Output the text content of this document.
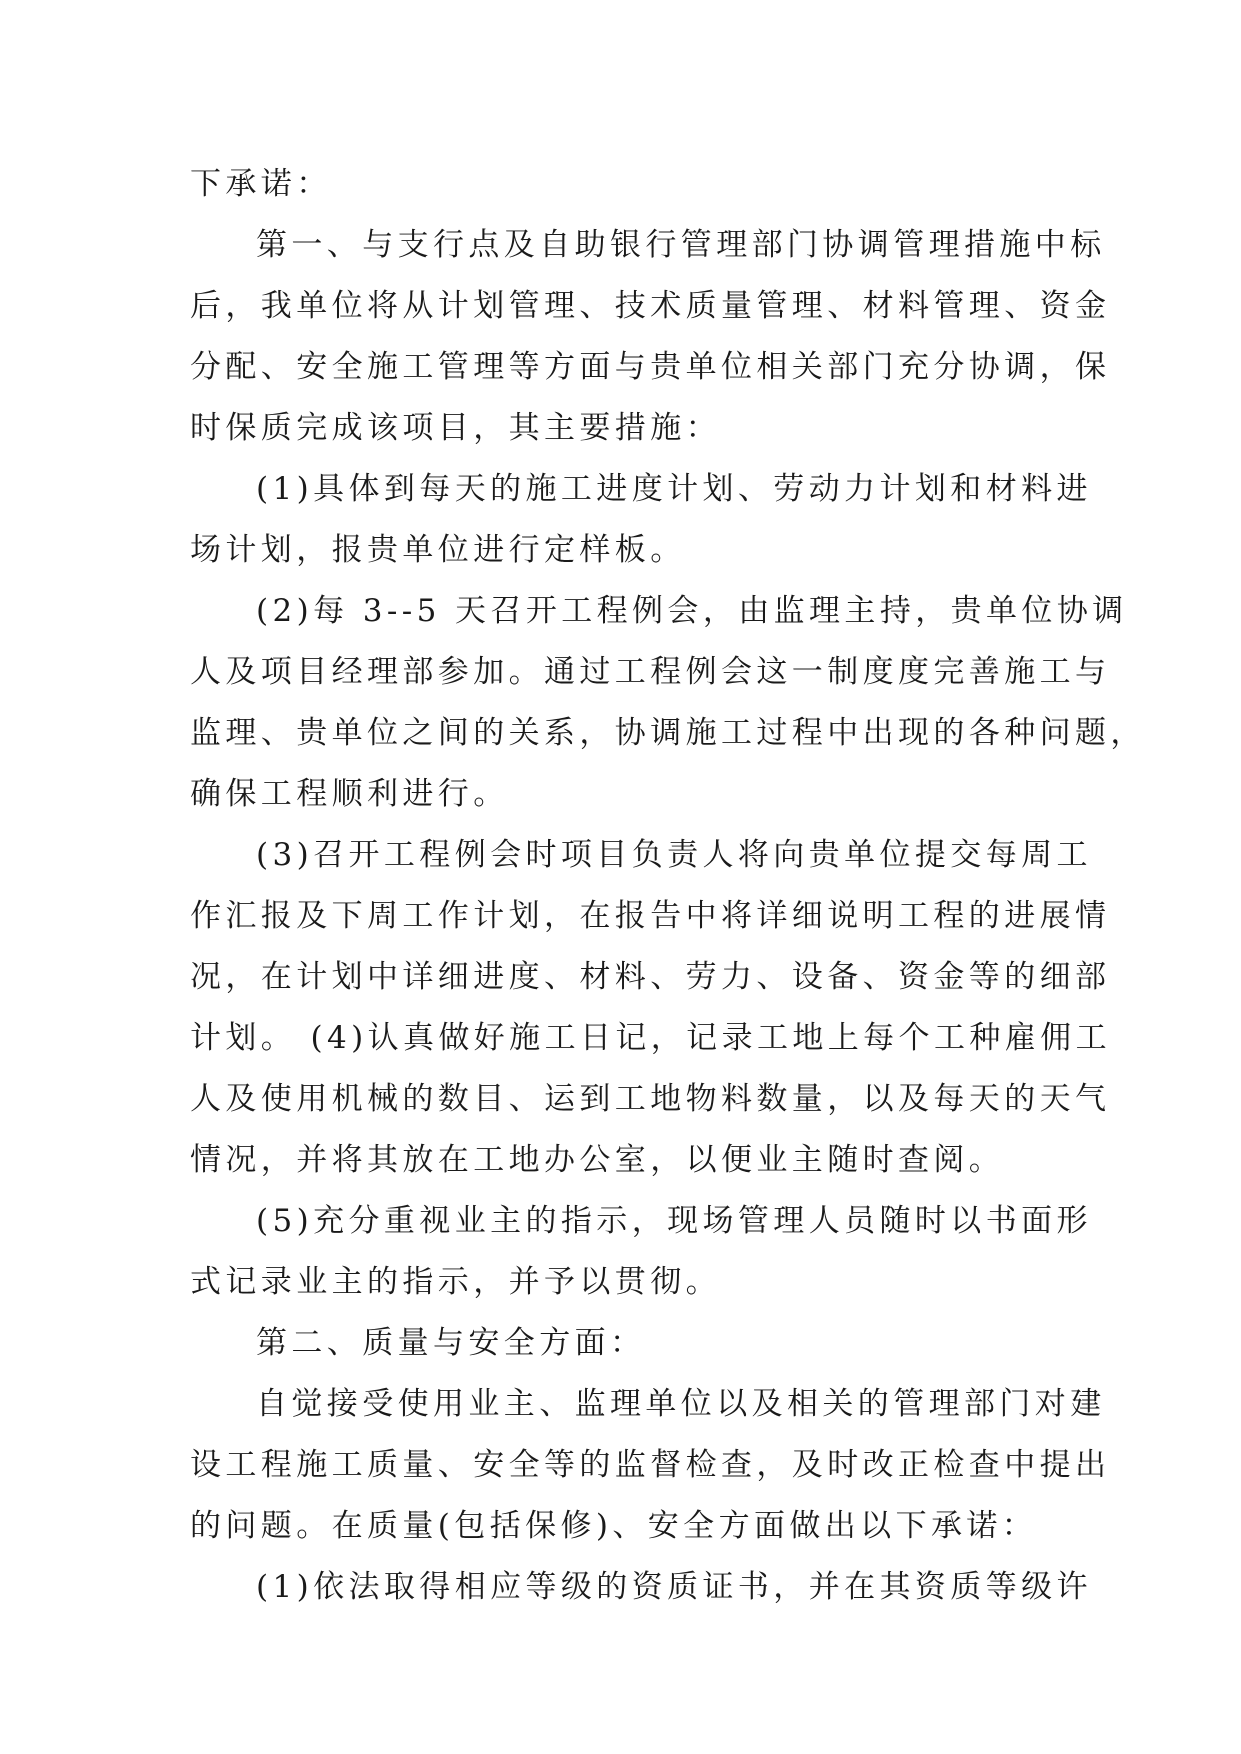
下承诺：
第一、与支行点及自助银行管理部门协调管理措施中标
后，我单位将从计划管理、技术质量管理、材料管理、资金
分配、安全施工管理等方面与贵单位相关部门充分协调，保
时保质完成该项目，其主要措施：
(1)具体到每天的施工进度计划、劳动力计划和材料进
场计划，报贵单位进行定样板。
(2)每 3--5 天召开工程例会，由监理主持，贵单位协调
人及项目经理部参加。通过工程例会这一制度度完善施工与
监理、贵单位之间的关系，协调施工过程中出现的各种问题，
确保工程顺利进行。
(3)召开工程例会时项目负责人将向贵单位提交每周工
作汇报及下周工作计划，在报告中将详细说明工程的进展情
况，在计划中详细进度、材料、劳力、设备、资金等的细部
计划。 (4)认真做好施工日记，记录工地上每个工种雇佣工
人及使用机械的数目、运到工地物料数量，以及每天的天气
情况，并将其放在工地办公室，以便业主随时查阅。
(5)充分重视业主的指示，现场管理人员随时以书面形
式记录业主的指示，并予以贯彻。
第二、质量与安全方面：
自觉接受使用业主、监理单位以及相关的管理部门对建
设工程施工质量、安全等的监督检查，及时改正检查中提出
的问题。在质量(包括保修)、安全方面做出以下承诺：
(1)依法取得相应等级的资质证书，并在其资质等级许
